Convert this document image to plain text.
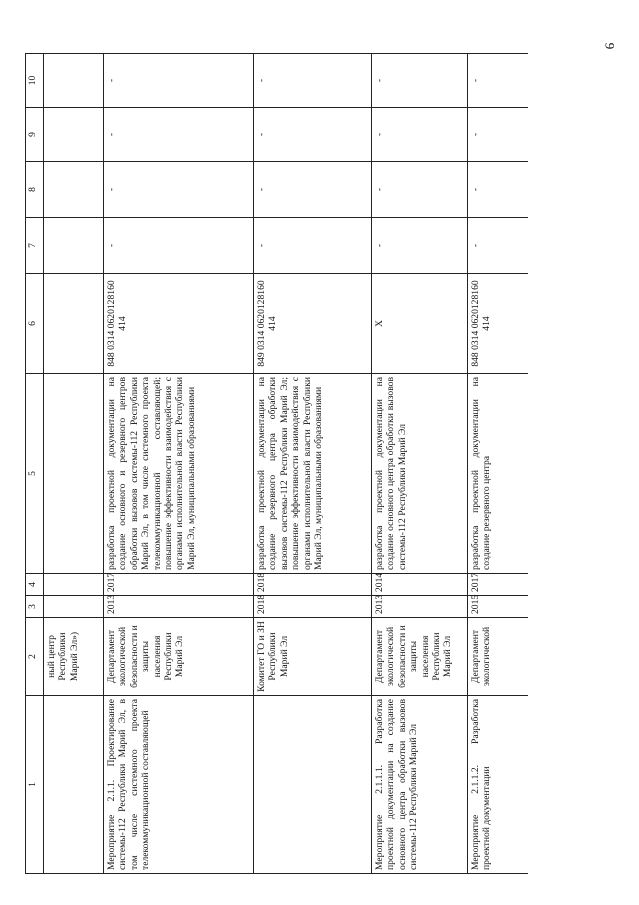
9
1	2	3	4	5	6	7	8	9	10
	ный центр Республики Марий Эл»)								
Мероприятие 2.1.1. Проектирование системы-112 Республики Марий Эл, в том числе системного проекта телекоммуникационной составляющей	Департамент экологической безопасности и защиты населения Республики Марий Эл	2013	2017	разработка проектной документации на создание основного и резервного центров обработки вызовов системы-112 Республики Марий Эл, в том числе системного проекта телекоммуникационной составляющей; повышение эффективности взаимодействия с органами исполнительной власти Республики Марий Эл, муниципальными образованиями	848 0314 0620128160 414	-	-	-	-
	Комитет ГО и ЗН Республики Марий Эл	2018	2018	разработка проектной документации на создание резервного центра обработки вызовов системы-112 Республики Марий Эл; повышение эффективности взаимодействия с органами исполнительной власти Республики Марий Эл, муниципальными образованиями	849 0314 0620128160 414	-	-	-	-
Мероприятие 2.1.1.1. Разработка проектной документации на создание основного центра обработки вызовов системы-112 Республики Марий Эл	Департамент экологической безопасности и защиты населения Республики Марий Эл	2013	2014	разработка проектной документации на создание основного центра обработки вызовов системы-112 Республики Марий Эл	Х	-	-	-	-
Мероприятие 2.1.1.2. Разработка проектной документации	Департамент экологической	2015	2017	разработка проектной документации на создание резервного центра	848 0314 0620128160 414	-	-	-	-
